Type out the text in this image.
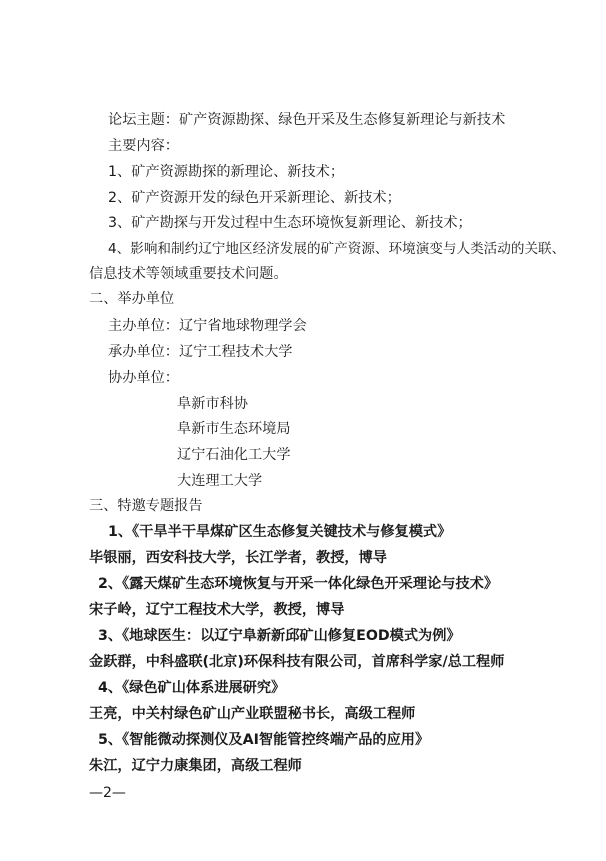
论坛主题：矿产资源勘探、绿色开采及生态修复新理论与新技术
主要内容：
1、矿产资源勘探的新理论、新技术；
2、矿产资源开发的绿色开采新理论、新技术；
3、矿产勘探与开发过程中生态环境恢复新理论、新技术；
4、影响和制约辽宁地区经济发展的矿产资源、环境演变与人类活动的关联、
信息技术等领域重要技术问题。
二、举办单位
主办单位：辽宁省地球物理学会
承办单位：辽宁工程技术大学
协办单位：
阜新市科协
阜新市生态环境局
辽宁石油化工大学
大连理工大学
三、特邀专题报告
1、《干旱半干旱煤矿区生态修复关键技术与修复模式》
毕银丽，西安科技大学，长江学者，教授，博导
2、《露天煤矿生态环境恢复与开采一体化绿色开采理论与技术》
宋子岭，辽宁工程技术大学，教授，博导
3、《地球医生：以辽宁阜新新邱矿山修复EOD模式为例》
金跃群，中科盛联(北京)环保科技有限公司，首席科学家/总工程师
4、《绿色矿山体系进展研究》
王亮，中关村绿色矿山产业联盟秘书长，高级工程师
5、《智能微动探测仪及AI智能管控终端产品的应用》
朱江，辽宁力康集团，高级工程师
—2—
